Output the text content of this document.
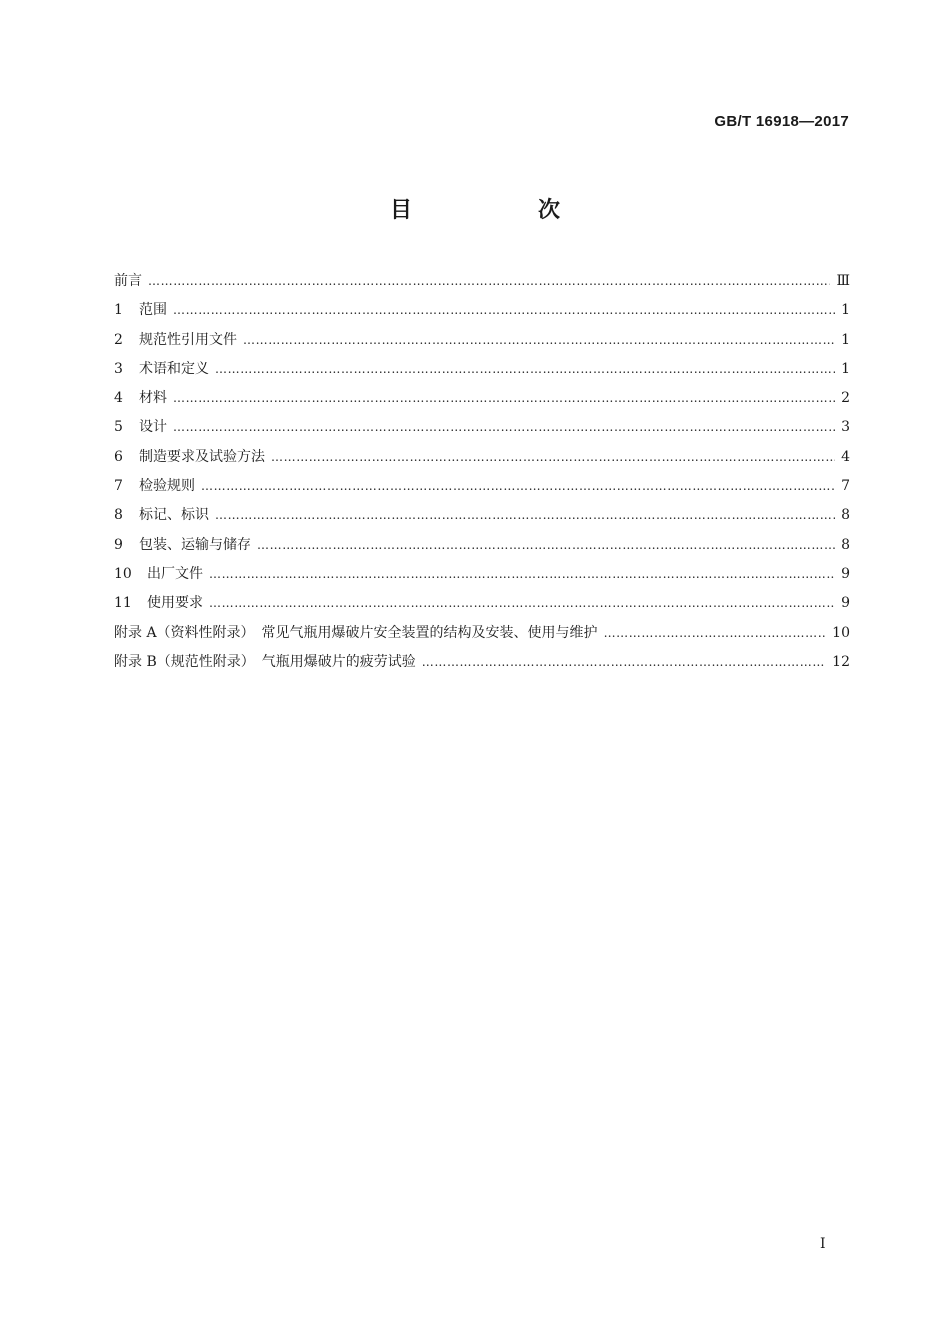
GB/T 16918—2017
目　次
前言 ………………………………………………………………………………………………………………………………………………………………………………………………	Ⅲ
1	范围 ………………………………………………………………………………………………………………………………………………………………………………………………	1
2	规范性引用文件 ………………………………………………………………………………………………………………………………………………………………………………………………	1
3	术语和定义 ………………………………………………………………………………………………………………………………………………………………………………………………	1
4	材料 ………………………………………………………………………………………………………………………………………………………………………………………………	2
5	设计 ………………………………………………………………………………………………………………………………………………………………………………………………	3
6	制造要求及试验方法 ………………………………………………………………………………………………………………………………………………………………………………………………	4
7	检验规则 ………………………………………………………………………………………………………………………………………………………………………………………………	7
8	标记、标识 ………………………………………………………………………………………………………………………………………………………………………………………………	8
9	包装、运输与储存 ………………………………………………………………………………………………………………………………………………………………………………………………	8
10	出厂文件 ………………………………………………………………………………………………………………………………………………………………………………………………	9
11	使用要求 ………………………………………………………………………………………………………………………………………………………………………………………………	9
附录 A（资料性附录）　常见气瓶用爆破片安全装置的结构及安装、使用与维护 ………………………………………………………………………………………………………………………………………………………………………………………………	10
附录 B（规范性附录）　气瓶用爆破片的疲劳试验 ………………………………………………………………………………………………………………………………………………………………………………………………	12
I
